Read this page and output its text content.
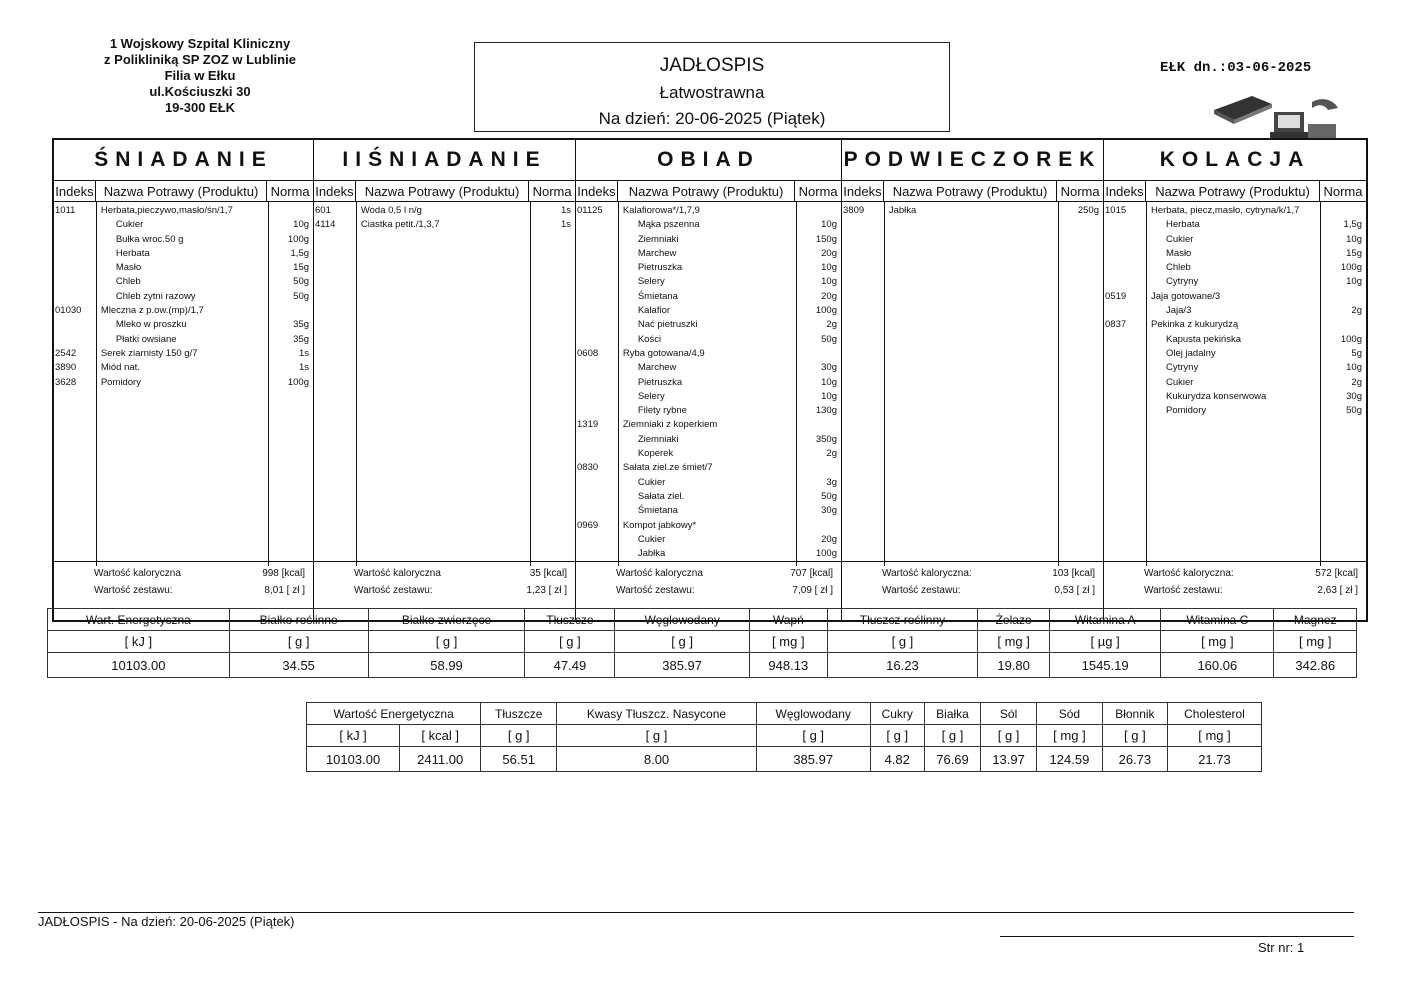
1 Wojskowy Szpital Kliniczny
z Polikliniką SP ZOZ w Lublinie
Filia w Ełku
ul.Kościuszki 30
19-300 EŁK
JADŁOSPIS
Łatwostrawna
Na dzień: 20-06-2025 (Piątek)
EŁK dn.:03-06-2025
ŚNIADANIE
Indeks Nazwa Potrawy (Produktu) Norma
1011	Herbata,pieczywo,masło/śn/1,7
Cukier	10g
Bułka wroc.50 g	100g
Herbata	1,5g
Masło	15g
Chleb	50g
Chleb zytni razowy	50g
01030	Mleczna z p.ow.(mp)/1,7
Mleko w proszku	35g
Płatki owsiane	35g
2542	Serek ziarnisty 150 g/7	1s
3890	Miód nat.	1s
3628	Pomidory	100g
Wartość kaloryczna	998 [kcal]
Wartość zestawu:	8,01 [ zł ]
IIŚNIADANIE
Indeks Nazwa Potrawy (Produktu)	Norma
601	Woda 0,5 l n/g	1s
4114	Ciastka petit./1,3,7	1s
Wartość kaloryczna	35 [kcal]
Wartość zestawu:	1,23 [ zł ]
OBIAD
Indeks	Nazwa Potrawy (Produktu)	Norma
01125	Kalafiorowa*/1,7,9
Mąka pszenna	10g
Ziemniaki	150g
Marchew	20g
Pietruszka	10g
Selery	10g
Śmietana	20g
Kalafior	100g
Nać pietruszki	2g
Kości	50g
0608	Ryba gotowana/4,9
Marchew	30g
Pietruszka	10g
Selery	10g
Filety rybne	130g
1319	Ziemniaki z koperkiem
Ziemniaki	350g
Koperek	2g
0830	Sałata ziel.ze śmiet/7
Cukier	3g
Sałata ziel.	50g
Śmietana	30g
0969	Kompot jabkowy*
Cukier	20g
Jabłka	100g
Wartość kaloryczna	707 [kcal]
Wartość zestawu:	7,09 [ zł ]
PODWIECZOREK
Indeks Nazwa Potrawy (Produktu)	Norma
3809	Jabłka	250g
Wartość kaloryczna:	103 [kcal]
Wartość zestawu:	0,53 [ zł ]
KOLACJA
Indeks Nazwa Potrawy (Produktu)	Norma
1015	Herbata, piecz,masło, cytryna/k/1,7
Herbata	1,5g
Cukier	10g
Masło	15g
Chleb	100g
Cytryny	10g
0519	Jaja gotowane/3
Jaja/3	2g
0837	Pekinka z kukurydzą
Kapusta pekińska	100g
Olej jadalny	5g
Cytryny	10g
Cukier	2g
Kukurydza konserwowa	30g
Pomidory	50g
Wartość kaloryczna:	572 [kcal]
Wartość zestawu:	2,63 [ zł ]
Wart. Energetyczna	Białko roślinne	Białko zwierzęce	Tłuszcze	Węglowodany	Wapń	Tłuszcz roślinny	Żelazo	Witamina A	Witamina C	Magnez
[ kJ ]	[ g ]	[ g ]	[ g ]	[ g ]	[ mg ]	[ g ]	[ mg ]	[ µg ]	[ mg ]	[ mg ]
10103.00	34.55	58.99	47.49	385.97	948.13	16.23	19.80	1545.19	160.06	342.86
Wartość Energetyczna		Tłuszcze	Kwasy Tłuszcz. Nasycone	Węglowodany	Cukry	Białka	Sól	Sód	Błonnik	Cholesterol
[ kJ ]	[ kcal ]	[ g ]	[ g ]	[ g ]	[ g ]	[ g ]	[ g ]	[ mg ]	[ g ]	[ mg ]
10103.00	2411.00	56.51	8.00	385.97	4.82	76.69	13.97	124.59	26.73	21.73
JADŁOSPIS - Na dzień: 20-06-2025 (Piątek)
Str nr: 1
